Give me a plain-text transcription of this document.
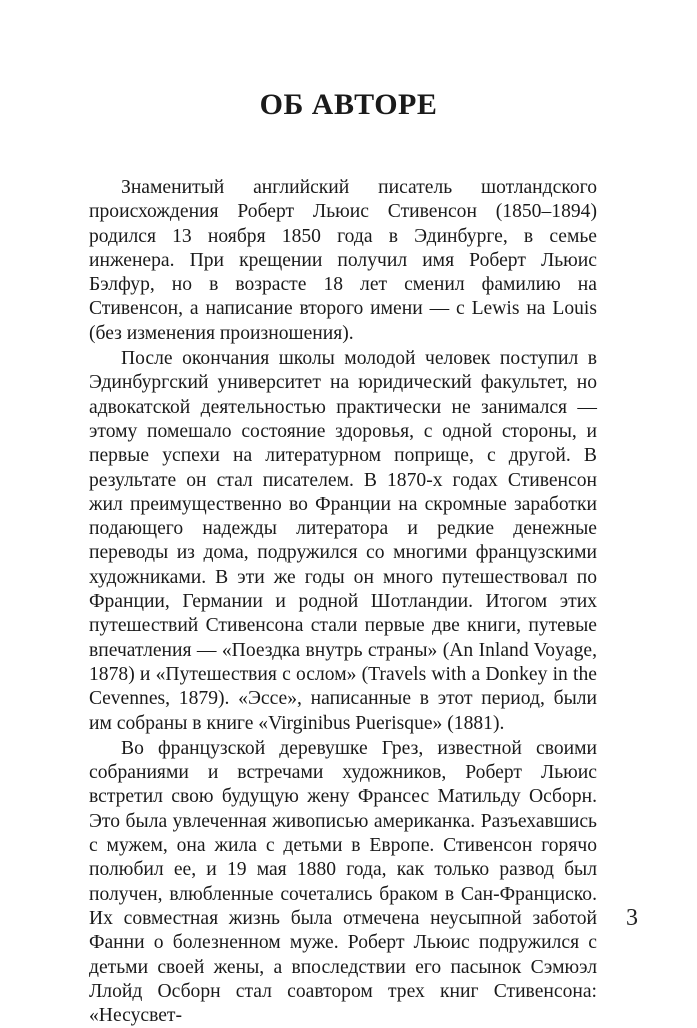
ОБ АВТОРЕ

Знаменитый английский писатель шотландского происхождения Роберт Льюис Стивенсон (1850–1894) родился 13 ноября 1850 года в Эдинбурге, в семье инженера. При крещении получил имя Роберт Льюис Бэлфур, но в возрасте 18 лет сменил фамилию на Стивенсон, а написание второго имени — с Lewis на Louis (без изменения произношения).

После окончания школы молодой человек поступил в Эдинбургский университет на юридический факультет, но адвокатской деятельностью практически не занимался — этому помешало состояние здоровья, с одной стороны, и первые успехи на литературном поприще, с другой. В результате он стал писателем. В 1870-х годах Стивенсон жил преимущественно во Франции на скромные заработки подающего надежды литератора и редкие денежные переводы из дома, подружился со многими французскими художниками. В эти же годы он много путешествовал по Франции, Германии и родной Шотландии. Итогом этих путешествий Стивенсона стали первые две книги, путевые впечатления — «Поездка внутрь страны» (An Inland Voyage, 1878) и «Путешествия с ослом» (Travels with a Donkey in the Cevennes, 1879). «Эссе», написанные в этот период, были им собраны в книге «Virginibus Puerisque» (1881).

Во французской деревушке Грез, известной своими собраниями и встречами художников, Роберт Льюис встретил свою будущую жену Франсес Матильду Осборн. Это была увлеченная живописью американка. Разъехавшись с мужем, она жила с детьми в Европе. Стивенсон горячо полюбил ее, и 19 мая 1880 года, как только развод был получен, влюбленные сочетались браком в Сан-Франциско. Их совместная жизнь была отмечена неусыпной заботой Фанни о болезненном муже. Роберт Льюис подружился с детьми своей жены, а впоследствии его пасынок Сэмюэл Ллойд Осборн стал соавтором трех книг Стивенсона: «Несусвет-

3
